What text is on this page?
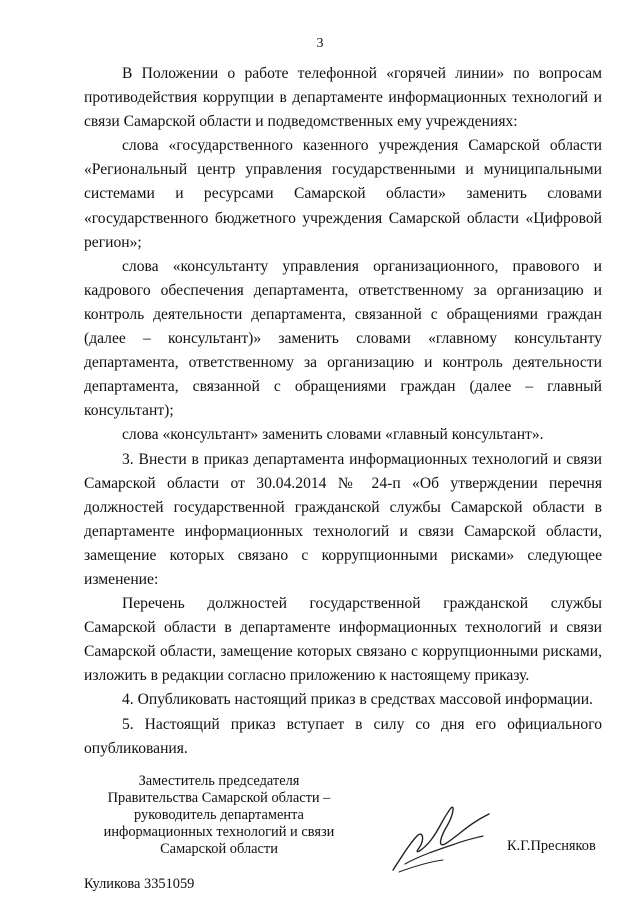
3

В Положении о работе телефонной «горячей линии» по вопросам противодействия коррупции в департаменте информационных технологий и связи Самарской области и подведомственных ему учреждениях:

слова «государственного казенного учреждения Самарской области «Региональный центр управления государственными и муниципальными системами и ресурсами Самарской области» заменить словами «государственного бюджетного учреждения Самарской области «Цифровой регион»;

слова «консультанту управления организационного, правового и кадрового обеспечения департамента, ответственному за организацию и контроль деятельности департамента, связанной с обращениями граждан (далее – консультант)» заменить словами «главному консультанту департамента, ответственному за организацию и контроль деятельности департамента, связанной с обращениями граждан (далее – главный консультант);

слова «консультант» заменить словами «главный консультант».

3. Внести в приказ департамента информационных технологий и связи Самарской области от 30.04.2014 № 24-п «Об утверждении перечня должностей государственной гражданской службы Самарской области в департаменте информационных технологий и связи Самарской области, замещение которых связано с коррупционными рисками» следующее изменение:

Перечень должностей государственной гражданской службы Самарской области в департаменте информационных технологий и связи Самарской области, замещение которых связано с коррупционными рисками, изложить в редакции согласно приложению к настоящему приказу.

4. Опубликовать настоящий приказ в средствах массовой информации.

5. Настоящий приказ вступает в силу со дня его официального опубликования.

Заместитель председателя
Правительства Самарской области –
руководитель департамента
информационных технологий и связи
Самарской области	К.Г.Пресняков
Куликова 3351059
